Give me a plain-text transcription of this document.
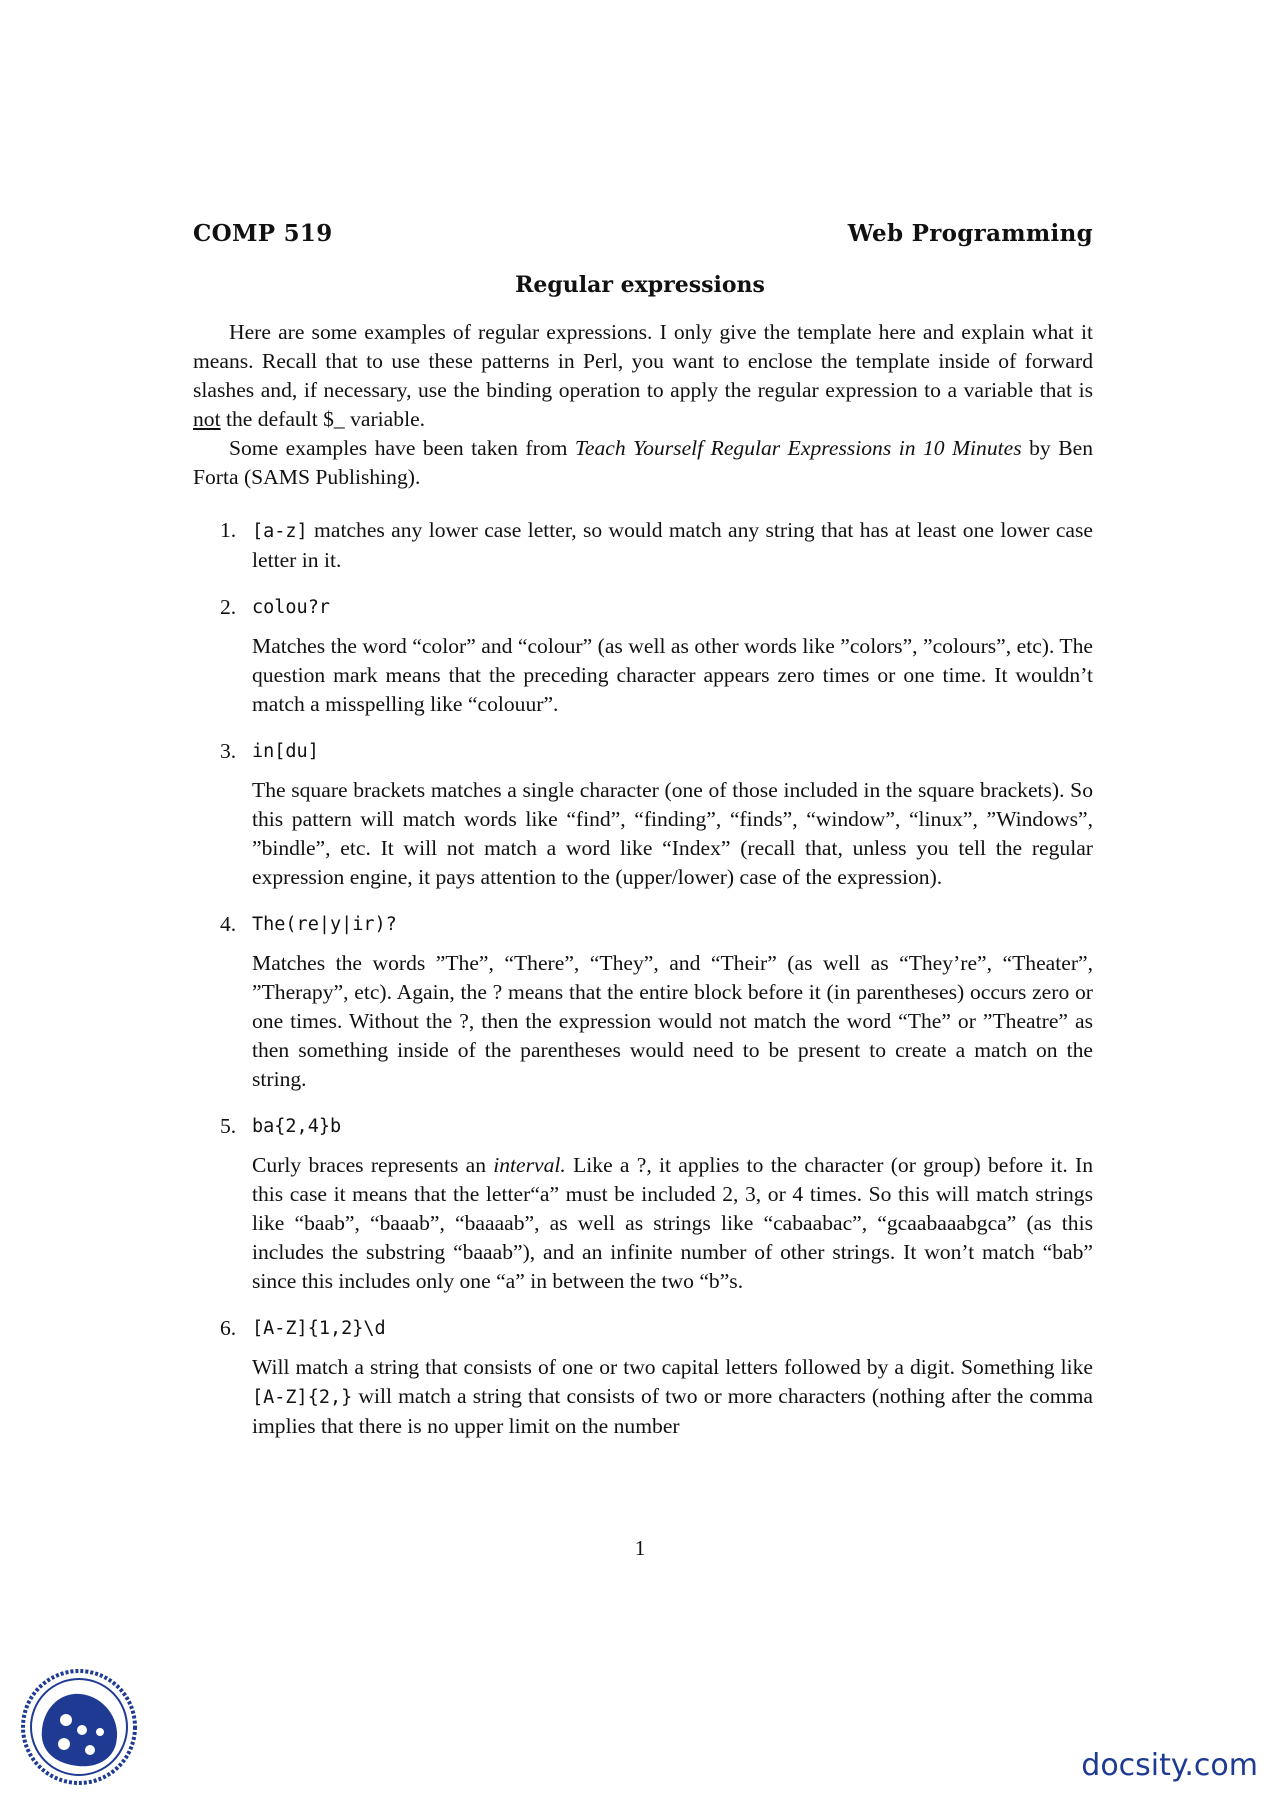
COMP 519	Web Programming
Regular expressions

Here are some examples of regular expressions. I only give the template here and explain what it means. Recall that to use these patterns in Perl, you want to enclose the template inside of forward slashes and, if necessary, use the binding operation to apply the regular expression to a variable that is not the default $_ variable.

Some examples have been taken from Teach Yourself Regular Expressions in 10 Minutes by Ben Forta (SAMS Publishing).

1. [a-z] matches any lower case letter, so would match any string that has at least one lower case letter in it.
2. colou?r
Matches the word “color” and “colour” (as well as other words like ”colors”, ”colours”, etc). The question mark means that the preceding character appears zero times or one time. It wouldn’t match a misspelling like “colouur”.
3. in[du]
The square brackets matches a single character (one of those included in the square brackets). So this pattern will match words like “find”, “finding”, “finds”, “window”, “linux”, ”Windows”, ”bindle”, etc. It will not match a word like “Index” (recall that, unless you tell the regular expression engine, it pays attention to the (upper/lower) case of the expression).
4. The(re|y|ir)?
Matches the words ”The”, “There”, “They”, and “Their” (as well as “They’re”, “Theater”, ”Therapy”, etc). Again, the ? means that the entire block before it (in parentheses) occurs zero or one times. Without the ?, then the expression would not match the word “The” or ”Theatre” as then something inside of the parentheses would need to be present to create a match on the string.
5. ba{2,4}b
Curly braces represents an interval. Like a ?, it applies to the character (or group) before it. In this case it means that the letter“a” must be included 2, 3, or 4 times. So this will match strings like “baab”, “baaab”, “baaaab”, as well as strings like “cabaabac”, “gcaabaaabgca” (as this includes the substring “baaab”), and an infinite number of other strings. It won’t match “bab” since this includes only one “a” in between the two “b”s.
6. [A-Z]{1,2}\d
Will match a string that consists of one or two capital letters followed by a digit. Something like [A-Z]{2,} will match a string that consists of two or more characters (nothing after the comma implies that there is no upper limit on the number
1
docsity.com
